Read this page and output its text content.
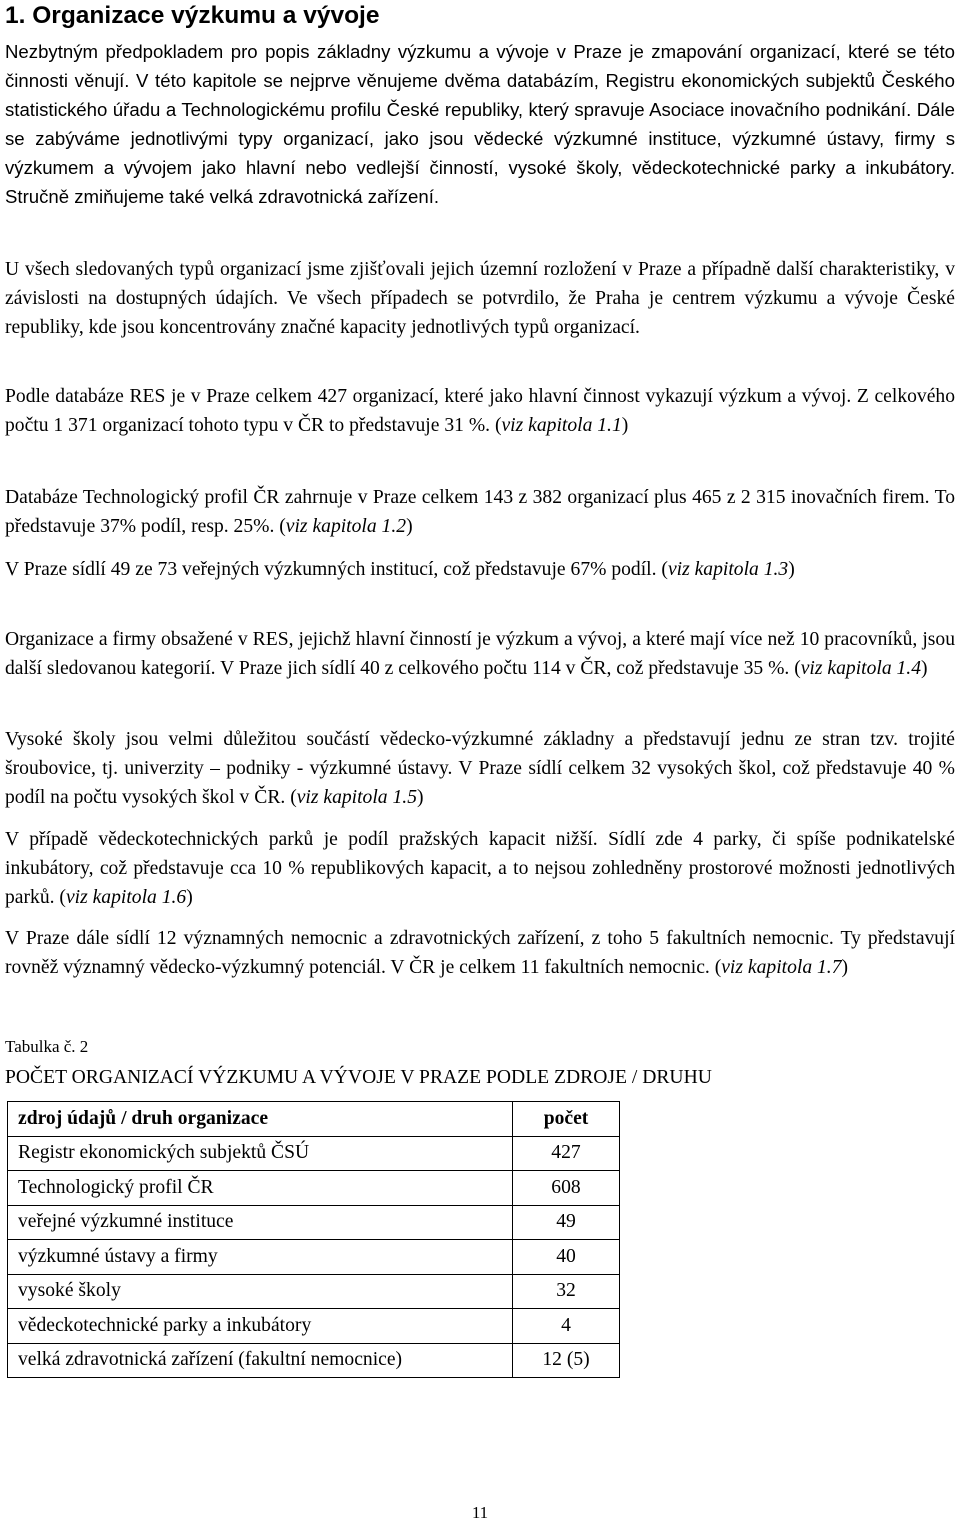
1. Organizace výzkumu a vývoje
Nezbytným předpokladem pro popis základny výzkumu a vývoje v Praze je zmapování organizací, které se této činnosti věnují. V této kapitole se nejprve věnujeme dvěma databázím, Registru ekonomických subjektů Českého statistického úřadu a Technologickému profilu České republiky, který spravuje Asociace inovačního podnikání. Dále se zabýváme jednotlivými typy organizací, jako jsou vědecké výzkumné instituce, výzkumné ústavy, firmy s výzkumem a vývojem jako hlavní nebo vedlejší činností, vysoké školy, vědeckotechnické parky a inkubátory. Stručně zmiňujeme také velká zdravotnická zařízení.
U všech sledovaných typů organizací jsme zjišťovali jejich územní rozložení v Praze a případně další charakteristiky, v závislosti na dostupných údajích. Ve všech případech se potvrdilo, že Praha je centrem výzkumu a vývoje České republiky, kde jsou koncentrovány značné kapacity jednotlivých typů organizací.
Podle databáze RES je v Praze celkem 427 organizací, které jako hlavní činnost vykazují výzkum a vývoj. Z celkového počtu 1 371 organizací tohoto typu v ČR to představuje 31 %. (viz kapitola 1.1)
Databáze Technologický profil ČR zahrnuje v Praze celkem 143 z 382 organizací plus 465 z 2 315 inovačních firem. To představuje 37% podíl, resp. 25%. (viz kapitola 1.2)
V Praze sídlí 49 ze 73 veřejných výzkumných institucí, což představuje 67% podíl. (viz kapitola 1.3)
Organizace a firmy obsažené v RES, jejichž hlavní činností je výzkum a vývoj, a které mají více než 10 pracovníků, jsou další sledovanou kategorií. V Praze jich sídlí 40 z celkového počtu 114 v ČR, což představuje 35 %. (viz kapitola 1.4)
Vysoké školy jsou velmi důležitou součástí vědecko-výzkumné základny a představují jednu ze stran tzv. trojité šroubovice, tj. univerzity – podniky - výzkumné ústavy. V Praze sídlí celkem 32 vysokých škol, což představuje 40 % podíl na počtu vysokých škol v ČR. (viz kapitola 1.5)
V případě vědeckotechnických parků je podíl pražských kapacit nižší. Sídlí zde 4 parky, či spíše podnikatelské inkubátory, což představuje cca 10 % republikových kapacit, a to nejsou zohledněny prostorové možnosti jednotlivých parků. (viz kapitola 1.6)
V Praze dále sídlí 12 významných nemocnic a zdravotnických zařízení, z toho 5 fakultních nemocnic. Ty představují rovněž významný vědecko-výzkumný potenciál. V ČR je celkem 11 fakultních nemocnic. (viz kapitola 1.7)
Tabulka č. 2
POČET ORGANIZACÍ VÝZKUMU A VÝVOJE V PRAZE PODLE ZDROJE / DRUHU
zdroj údajů / druh organizace	počet
Registr ekonomických subjektů ČSÚ	427
Technologický profil ČR	608
veřejné výzkumné instituce	49
výzkumné ústavy a firmy	40
vysoké školy	32
vědeckotechnické parky a inkubátory	4
velká zdravotnická zařízení (fakultní nemocnice)	12 (5)
11
